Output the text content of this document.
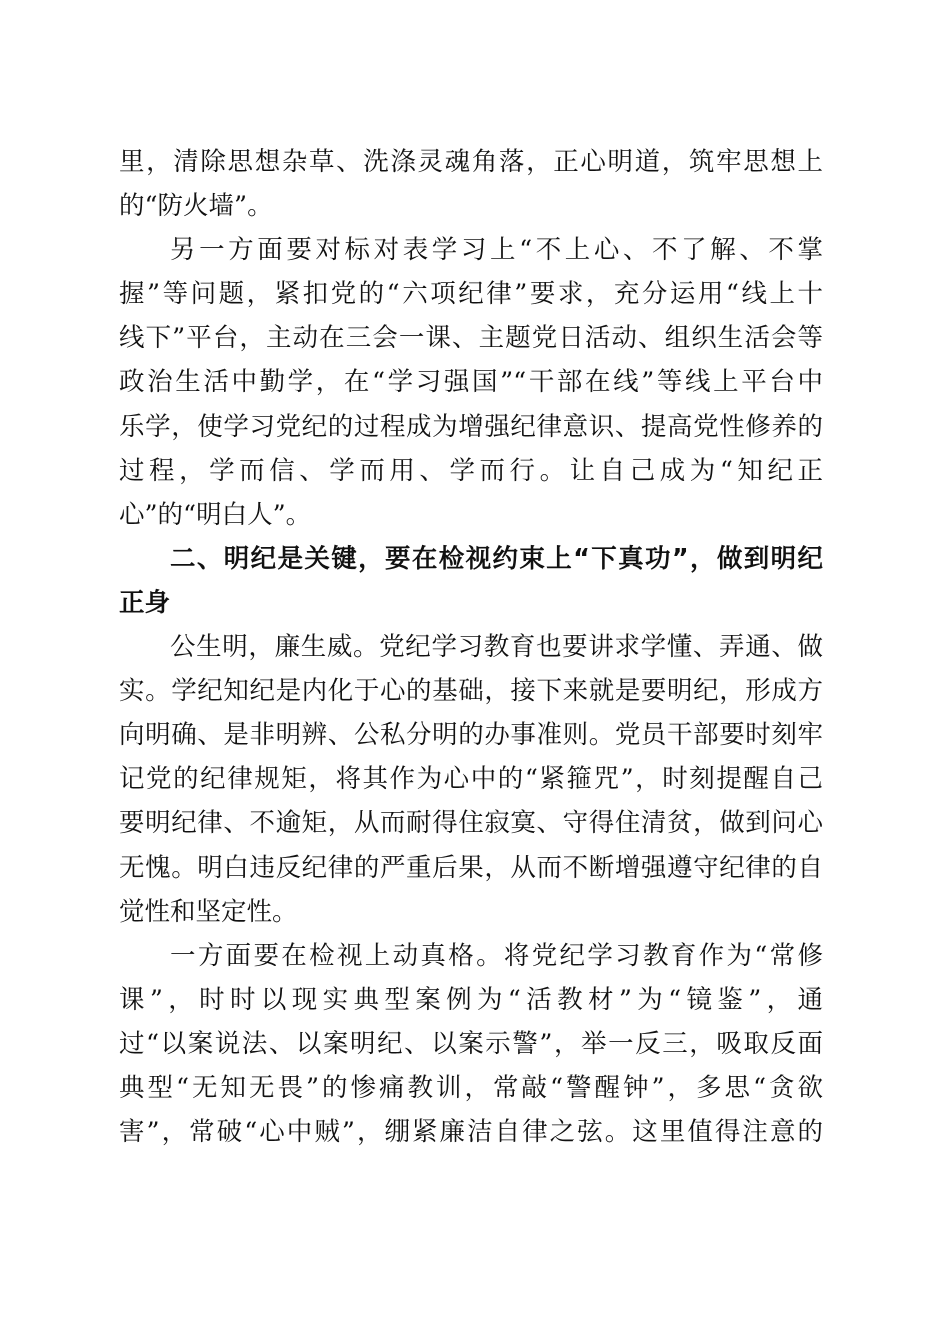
里，清除思想杂草、洗涤灵魂角落，正心明道，筑牢思想上
的“防火墙”。
另一方面要对标对表学习上“不上心、不了解、不掌
握”等问题，紧扣党的“六项纪律”要求，充分运用“线上十
线下”平台，主动在三会一课、主题党日活动、组织生活会等
政治生活中勤学，在“学习强国”“干部在线”等线上平台中
乐学，使学习党纪的过程成为增强纪律意识、提高党性修养的
过程，学而信、学而用、学而行。让自己成为“知纪正
心”的“明白人”。
二、明纪是关键，要在检视约束上“下真功”，做到明纪
正身
公生明，廉生威。党纪学习教育也要讲求学懂、弄通、做
实。学纪知纪是内化于心的基础，接下来就是要明纪，形成方
向明确、是非明辨、公私分明的办事准则。党员干部要时刻牢
记党的纪律规矩，将其作为心中的“紧箍咒”，时刻提醒自己
要明纪律、不逾矩，从而耐得住寂寞、守得住清贫，做到问心
无愧。明白违反纪律的严重后果，从而不断增强遵守纪律的自
觉性和坚定性。
一方面要在检视上动真格。将党纪学习教育作为“常修
课”，时时以现实典型案例为“活教材”为“镜鉴”，通
过“以案说法、以案明纪、以案示警”，举一反三，吸取反面
典型“无知无畏”的惨痛教训，常敲“警醒钟”，多思“贪欲
害”，常破“心中贼”，绷紧廉洁自律之弦。这里值得注意的
